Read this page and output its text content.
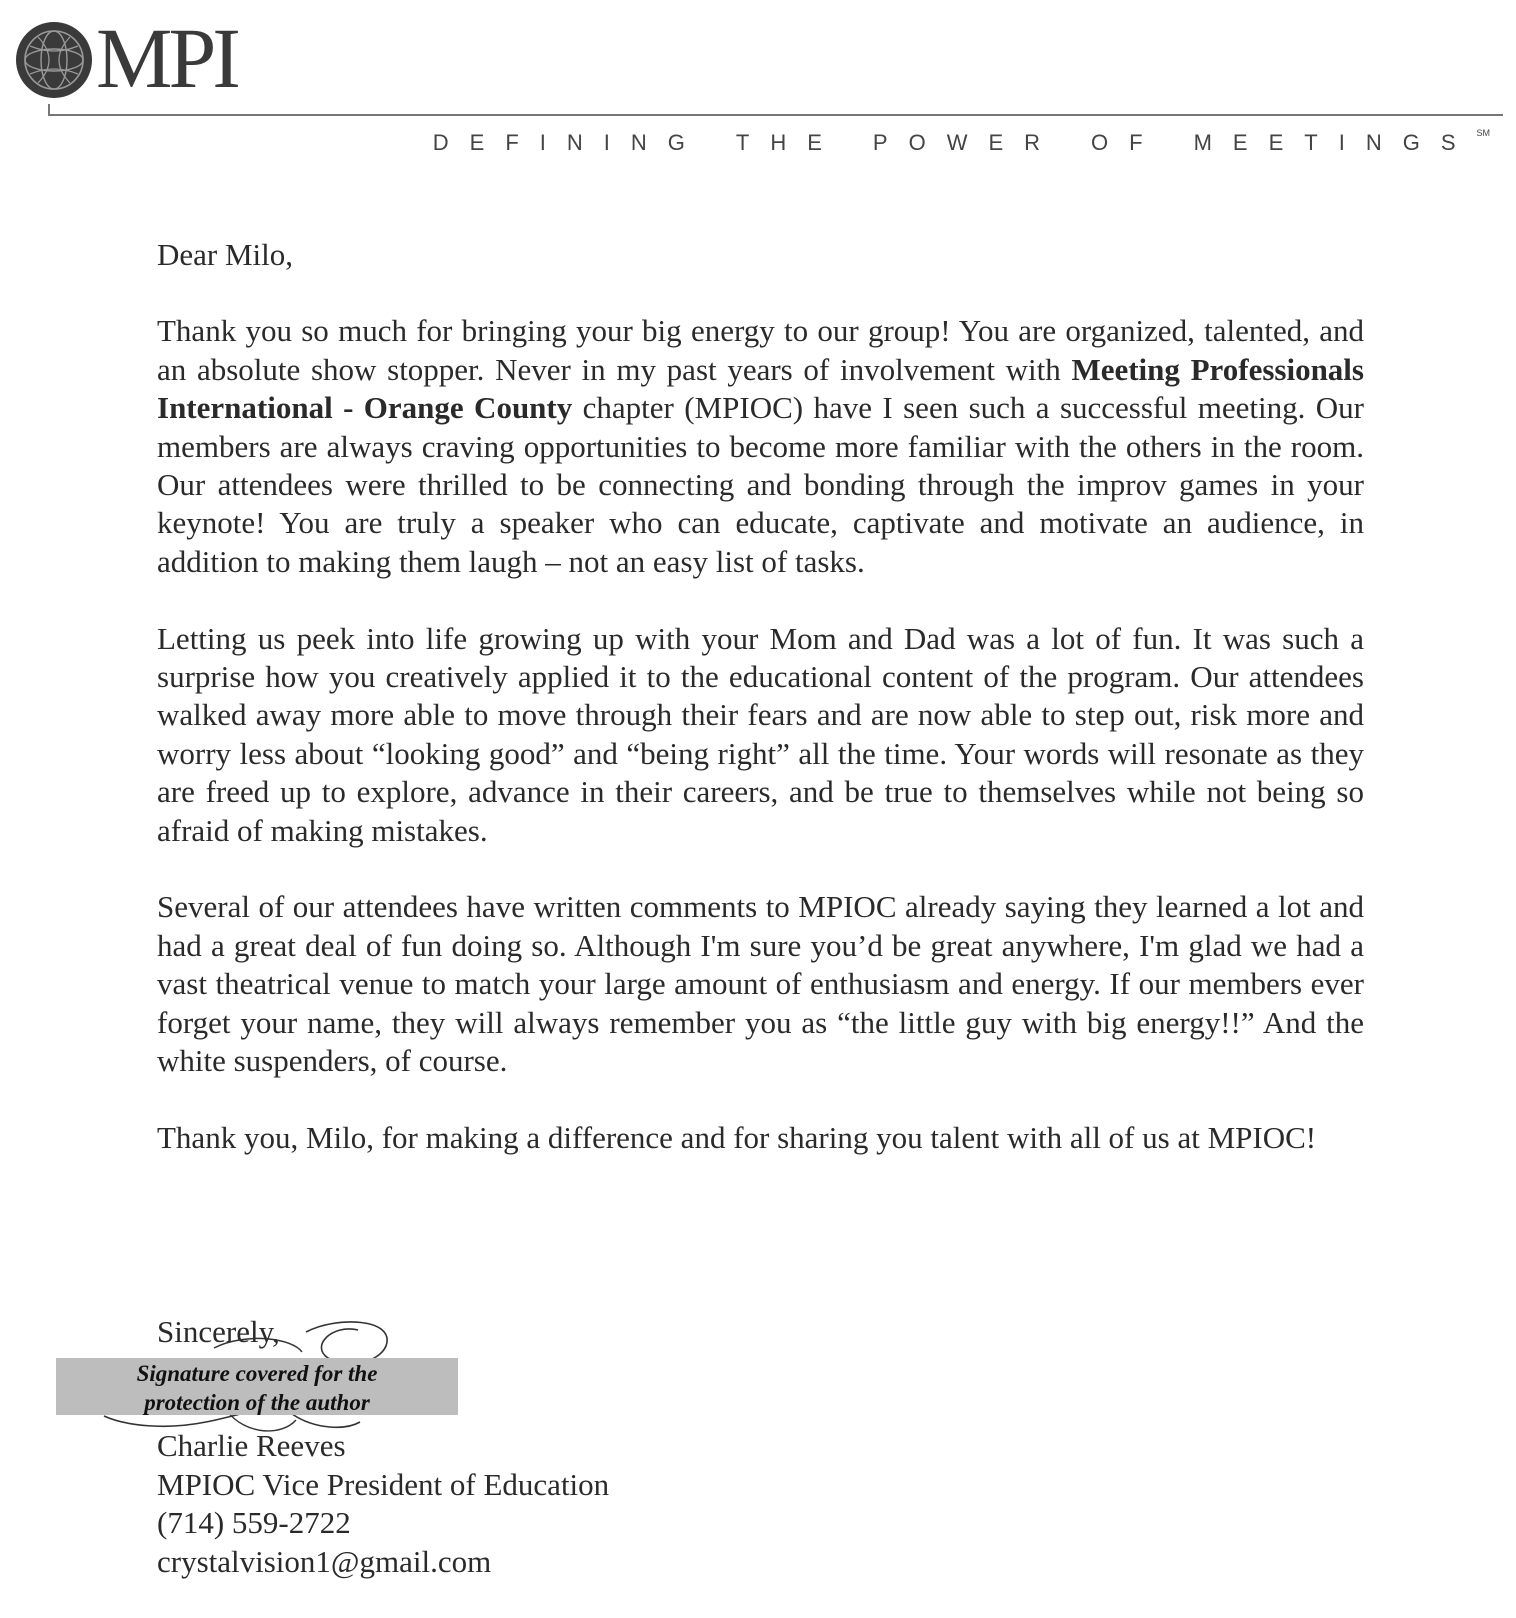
MPI
DEFINING THE POWER OF MEETINGS℠

Dear Milo,

Thank you so much for bringing your big energy to our group! You are organized, talented, and an absolute show stopper. Never in my past years of involvement with Meeting Professionals International - Orange County chapter (MPIOC) have I seen such a successful meeting. Our members are always craving opportunities to become more familiar with the others in the room. Our attendees were thrilled to be connecting and bonding through the improv games in your keynote! You are truly a speaker who can educate, captivate and motivate an audience, in addition to making them laugh – not an easy list of tasks.

Letting us peek into life growing up with your Mom and Dad was a lot of fun. It was such a surprise how you creatively applied it to the educational content of the program. Our attendees walked away more able to move through their fears and are now able to step out, risk more and worry less about “looking good” and “being right” all the time. Your words will resonate as they are freed up to explore, advance in their careers, and be true to themselves while not being so afraid of making mistakes.

Several of our attendees have written comments to MPIOC already saying they learned a lot and had a great deal of fun doing so. Although I'm sure you’d be great anywhere, I'm glad we had a vast theatrical venue to match your large amount of enthusiasm and energy. If our members ever forget your name, they will always remember you as “the little guy with big energy!!” And the white suspenders, of course.

Thank you, Milo, for making a difference and for sharing you talent with all of us at MPIOC!

Sincerely,

Signature covered for the
protection of the author
Charlie Reeves
MPIOC Vice President of Education
(714) 559-2722
crystalvision1@gmail.com
